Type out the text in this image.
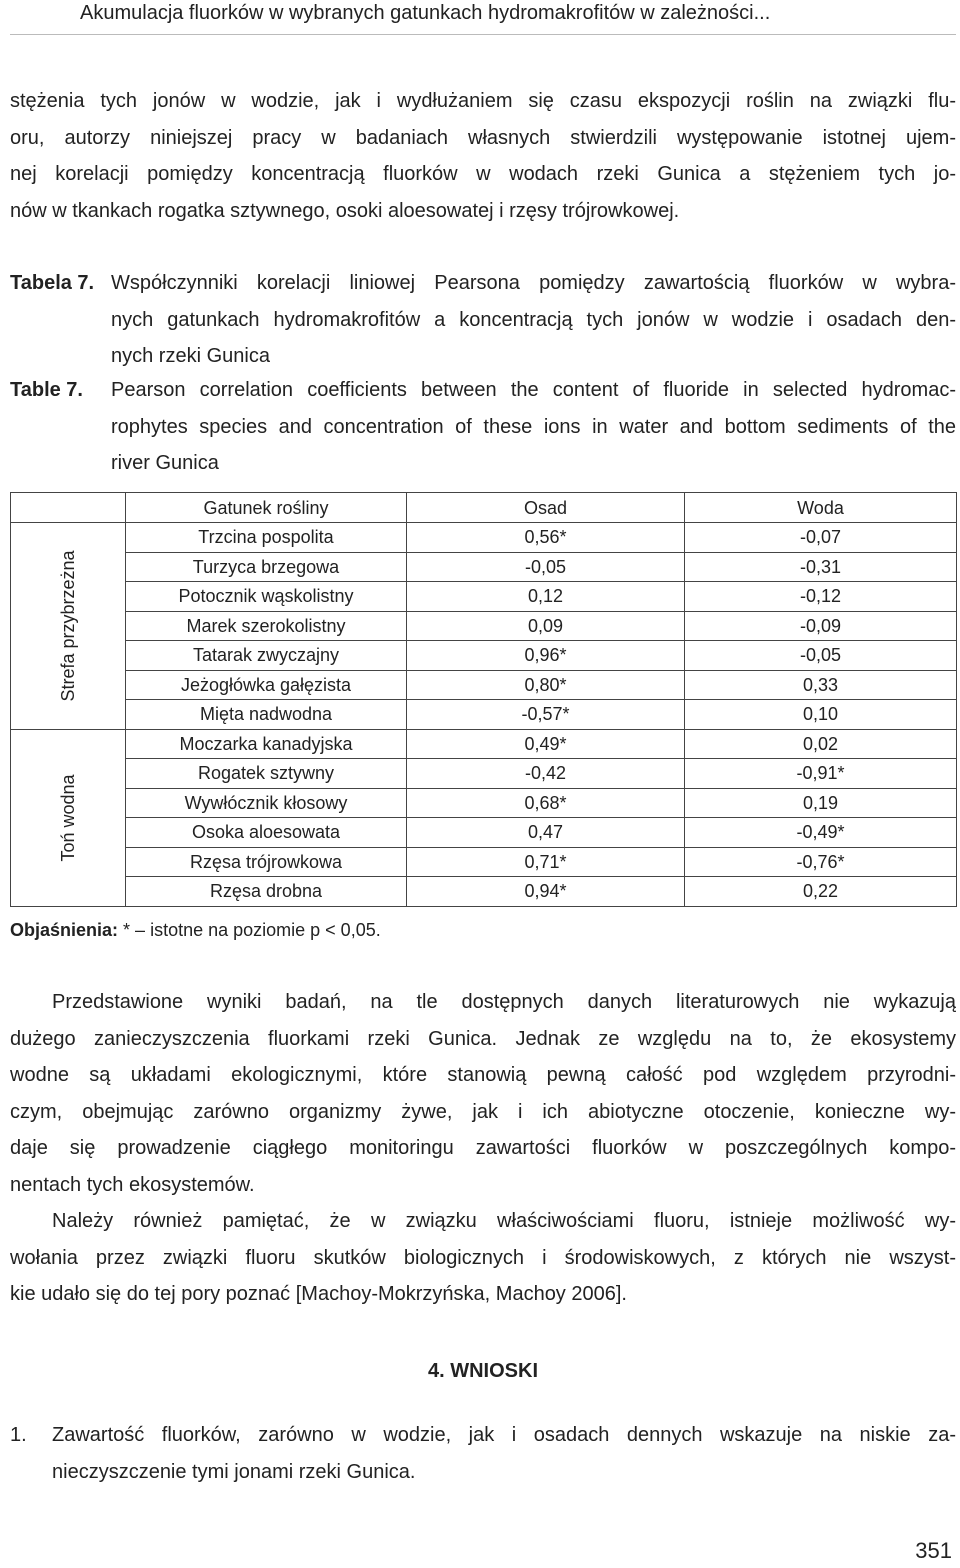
Akumulacja fluorków w wybranych gatunkach hydromakrofitów w zależności...
stężenia tych jonów w wodzie, jak i wydłużaniem się czasu ekspozycji roślin na związki flu-
oru, autorzy niniejszej pracy w badaniach własnych stwierdzili występowanie istotnej ujem-
nej korelacji pomiędzy koncentracją fluorków w wodach rzeki Gunica a stężeniem tych jo-
nów w tkankach rogatka sztywnego, osoki aloesowatej i rzęsy trójrowkowej.
Tabela 7. Współczynniki korelacji liniowej Pearsona pomiędzy zawartością fluorków w wybra-
nych gatunkach hydromakrofitów a koncentracją tych jonów w wodzie i osadach den-
nych rzeki Gunica
Table 7. Pearson correlation coefficients between the content of fluoride in selected hydromac-
rophytes species and concentration of these ions in water and bottom sediments of the
river Gunica
	Gatunek rośliny	Osad	Woda

Strefa przybrzeżna	Trzcina pospolita	0,56*	-0,07
	Turzyca brzegowa	-0,05	-0,31
	Potocznik wąskolistny	0,12	-0,12
	Marek szerokolistny	0,09	-0,09
	Tatarak zwyczajny	0,96*	-0,05
	Jeżogłówka gałęzista	0,80*	0,33
	Mięta nadwodna	-0,57*	0,10

Toń wodna	Moczarka kanadyjska	0,49*	0,02
	Rogatek sztywny	-0,42	-0,91*
	Wywłócznik kłosowy	0,68*	0,19
	Osoka aloesowata	0,47	-0,49*
	Rzęsa trójrowkowa	0,71*	-0,76*
	Rzęsa drobna	0,94*	0,22
Objaśnienia: * – istotne na poziomie p < 0,05.
Przedstawione wyniki badań, na tle dostępnych danych literaturowych nie wykazują
dużego zanieczyszczenia fluorkami rzeki Gunica. Jednak ze względu na to, że ekosystemy
wodne są układami ekologicznymi, które stanowią pewną całość pod względem przyrodni-
czym, obejmując zarówno organizmy żywe, jak i ich abiotyczne otoczenie, konieczne wy-
daje się prowadzenie ciągłego monitoringu zawartości fluorków w poszczególnych kompo-
nentach tych ekosystemów.
Należy również pamiętać, że w związku właściwościami fluoru, istnieje możliwość wy-
wołania przez związki fluoru skutków biologicznych i środowiskowych, z których nie wszyst-
kie udało się do tej pory poznać [Machoy-Mokrzyńska, Machoy 2006].
4. WNIOSKI
1. Zawartość fluorków, zarówno w wodzie, jak i osadach dennych wskazuje na niskie za-
nieczyszczenie tymi jonami rzeki Gunica.
351
